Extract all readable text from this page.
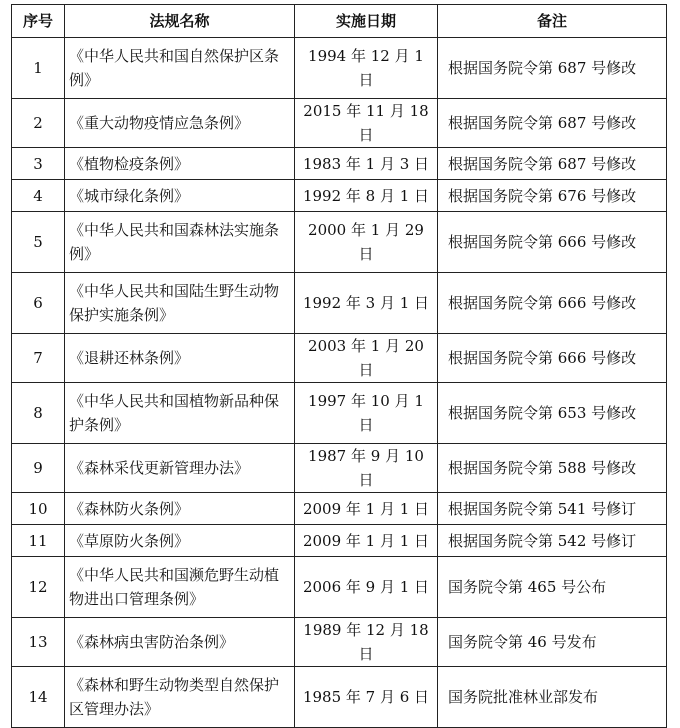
序号	法规名称	实施日期	备注
1	《中华人民共和国自然保护区条例》	1994 年 12 月 1 日	根据国务院令第 687 号修改
2	《重大动物疫情应急条例》	2015 年 11 月 18 日	根据国务院令第 687 号修改
3	《植物检疫条例》	1983 年 1 月 3 日	根据国务院令第 687 号修改
4	《城市绿化条例》	1992 年 8 月 1 日	根据国务院令第 676 号修改
5	《中华人民共和国森林法实施条例》	2000 年 1 月 29 日	根据国务院令第 666 号修改
6	《中华人民共和国陆生野生动物保护实施条例》	1992 年 3 月 1 日	根据国务院令第 666 号修改
7	《退耕还林条例》	2003 年 1 月 20 日	根据国务院令第 666 号修改
8	《中华人民共和国植物新品种保护条例》	1997 年 10 月 1 日	根据国务院令第 653 号修改
9	《森林采伐更新管理办法》	1987 年 9 月 10 日	根据国务院令第 588 号修改
10	《森林防火条例》	2009 年 1 月 1 日	根据国务院令第 541 号修订
11	《草原防火条例》	2009 年 1 月 1 日	根据国务院令第 542 号修订
12	《中华人民共和国濒危野生动植物进出口管理条例》	2006 年 9 月 1 日	国务院令第 465 号公布
13	《森林病虫害防治条例》	1989 年 12 月 18 日	国务院令第 46 号发布
14	《森林和野生动物类型自然保护区管理办法》	1985 年 7 月 6 日	国务院批准林业部发布
